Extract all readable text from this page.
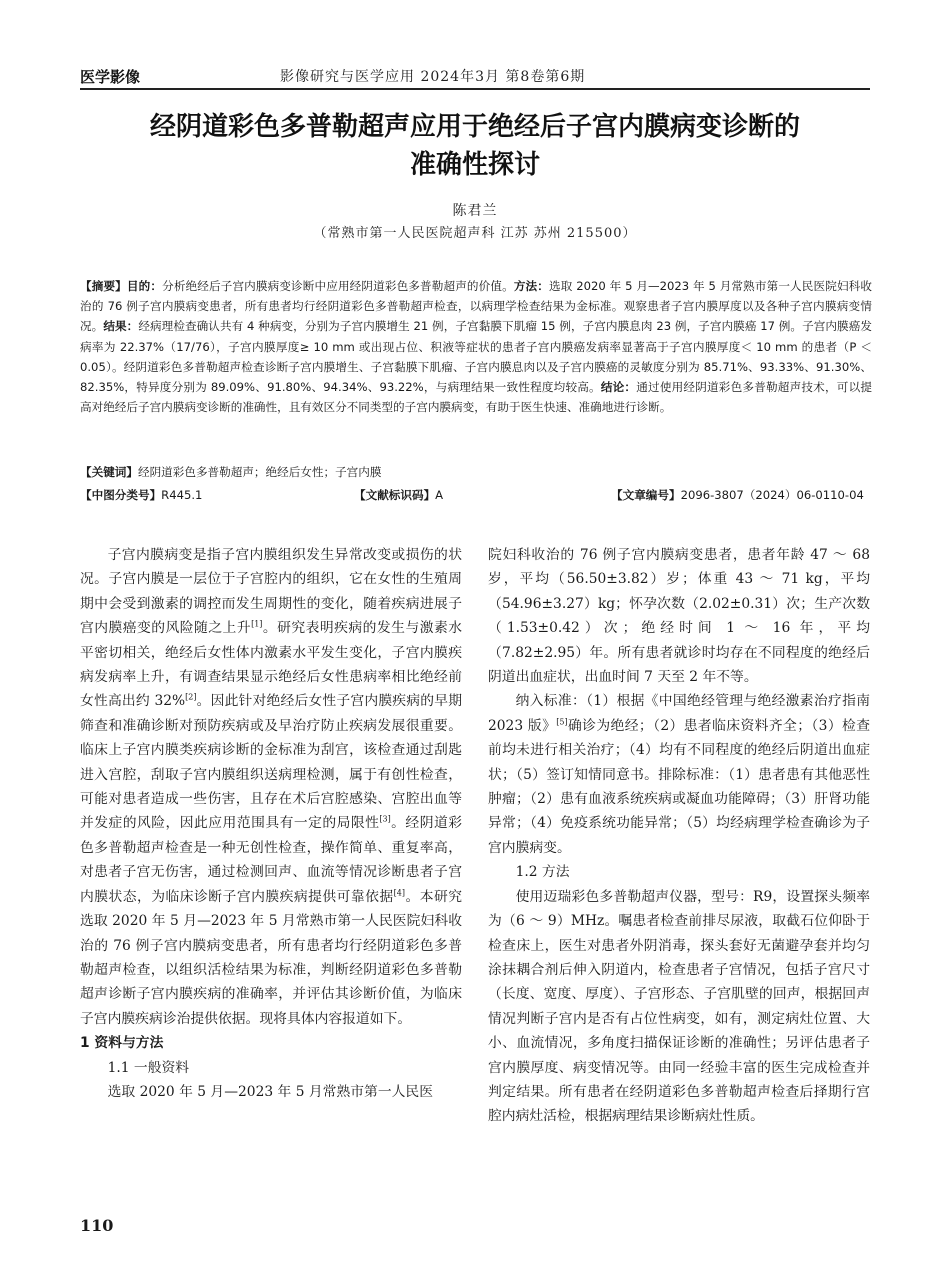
医学影像	影像研究与医学应用 2024年3月 第8卷第6期
经阴道彩色多普勒超声应用于绝经后子宫内膜病变诊断的
准确性探讨
陈君兰
（常熟市第一人民医院超声科 江苏 苏州 215500）
【摘要】目的：分析绝经后子宫内膜病变诊断中应用经阴道彩色多普勒超声的价值。方法：选取 2020 年 5 月—2023 年 5 月常熟市第一人民医院妇科收治的 76 例子宫内膜病变患者，所有患者均行经阴道彩色多普勒超声检查，以病理学检查结果为金标准。观察患者子宫内膜厚度以及各种子宫内膜病变情况。结果：经病理检查确认共有 4 种病变，分别为子宫内膜增生 21 例，子宫黏膜下肌瘤 15 例，子宫内膜息肉 23 例，子宫内膜癌 17 例。子宫内膜癌发病率为 22.37%（17/76），子宫内膜厚度≥ 10 mm 或出现占位、积液等症状的患者子宫内膜癌发病率显著高于子宫内膜厚度＜ 10 mm 的患者（P ＜ 0.05）。经阴道彩色多普勒超声检查诊断子宫内膜增生、子宫黏膜下肌瘤、子宫内膜息肉以及子宫内膜癌的灵敏度分别为 85.71%、93.33%、91.30%、82.35%，特异度分别为 89.09%、91.80%、94.34%、93.22%，与病理结果一致性程度均较高。结论：通过使用经阴道彩色多普勒超声技术，可以提高对绝经后子宫内膜病变诊断的准确性，且有效区分不同类型的子宫内膜病变，有助于医生快速、准确地进行诊断。
【关键词】经阴道彩色多普勒超声；绝经后女性；子宫内膜
【中图分类号】R445.1	【文献标识码】A	【文章编号】2096-3807（2024）06-0110-04

子宫内膜病变是指子宫内膜组织发生异常改变或损伤的状况。子宫内膜是一层位于子宫腔内的组织，它在女性的生殖周期中会受到激素的调控而发生周期性的变化，随着疾病进展子宫内膜癌变的风险随之上升[1]。研究表明疾病的发生与激素水平密切相关，绝经后女性体内激素水平发生变化，子宫内膜疾病发病率上升，有调查结果显示绝经后女性患病率相比绝经前女性高出约 32%[2]。因此针对绝经后女性子宫内膜疾病的早期筛查和准确诊断对预防疾病或及早治疗防止疾病发展很重要。临床上子宫内膜类疾病诊断的金标准为刮宫，该检查通过刮匙进入宫腔，刮取子宫内膜组织送病理检测，属于有创性检查，可能对患者造成一些伤害，且存在术后宫腔感染、宫腔出血等并发症的风险，因此应用范围具有一定的局限性[3]。经阴道彩色多普勒超声检查是一种无创性检查，操作简单、重复率高，对患者子宫无伤害，通过检测回声、血流等情况诊断患者子宫内膜状态，为临床诊断子宫内膜疾病提供可靠依据[4]。本研究选取 2020 年 5 月—2023 年 5 月常熟市第一人民医院妇科收治的 76 例子宫内膜病变患者，所有患者均行经阴道彩色多普勒超声检查，以组织活检结果为标准，判断经阴道彩色多普勒超声诊断子宫内膜疾病的准确率，并评估其诊断价值，为临床子宫内膜疾病诊治提供依据。现将具体内容报道如下。

1 资料与方法

1.1 一般资料

选取 2020 年 5 月—2023 年 5 月常熟市第一人民医

院妇科收治的 76 例子宫内膜病变患者，患者年龄 47 ～ 68 岁，平均（56.50±3.82）岁；体重 43 ～ 71 kg，平均（54.96±3.27）kg；怀孕次数（2.02±0.31）次；生产次数（1.53±0.42）次；绝经时间 1 ～ 16 年，平均（7.82±2.95）年。所有患者就诊时均存在不同程度的绝经后阴道出血症状，出血时间 7 天至 2 年不等。

纳入标准：（1）根据《中国绝经管理与绝经激素治疗指南 2023 版》[5]确诊为绝经；（2）患者临床资料齐全；（3）检查前均未进行相关治疗；（4）均有不同程度的绝经后阴道出血症状；（5）签订知情同意书。排除标准：（1）患者患有其他恶性肿瘤；（2）患有血液系统疾病或凝血功能障碍；（3）肝肾功能异常；（4）免疫系统功能异常；（5）均经病理学检查确诊为子宫内膜病变。

1.2 方法

使用迈瑞彩色多普勒超声仪器，型号：R9，设置探头频率为（6 ～ 9）MHz。嘱患者检查前排尽尿液，取截石位仰卧于检查床上，医生对患者外阴消毒，探头套好无菌避孕套并均匀涂抹耦合剂后伸入阴道内，检查患者子宫情况，包括子宫尺寸（长度、宽度、厚度）、子宫形态、子宫肌壁的回声，根据回声情况判断子宫内是否有占位性病变，如有，测定病灶位置、大小、血流情况，多角度扫描保证诊断的准确性；另评估患者子宫内膜厚度、病变情况等。由同一经验丰富的医生完成检查并判定结果。所有患者在经阴道彩色多普勒超声检查后择期行宫腔内病灶活检，根据病理结果诊断病灶性质。

110
